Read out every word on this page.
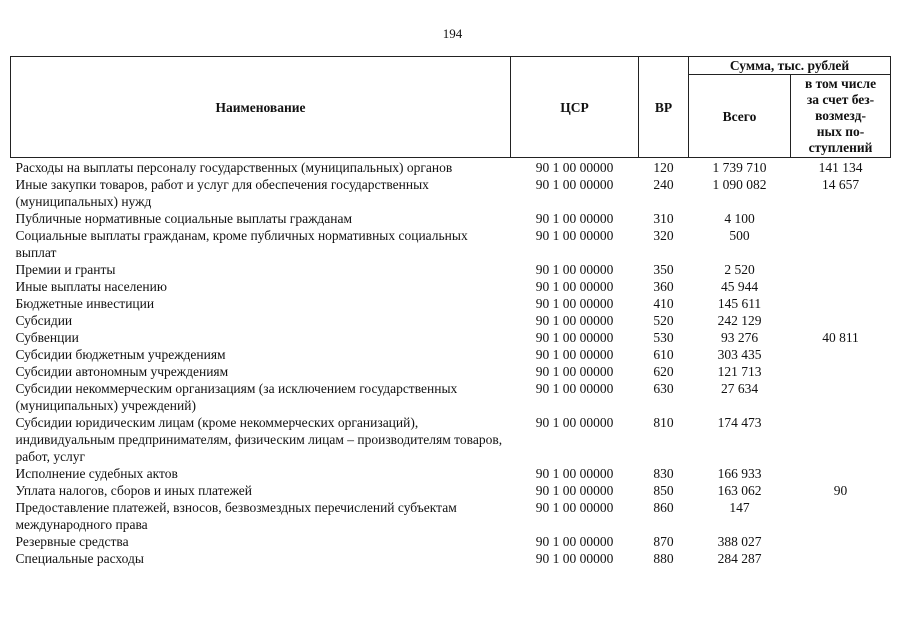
194
Наименование	ЦСР	ВР	Сумма, тыс. рублей	
			Всего	в том числе
за счет без-
возмезд-
ных по-
ступлений
Расходы на выплаты персоналу государственных (муниципальных) органов	90 1 00 00000	120	1 739 710	141 134
Иные закупки товаров, работ и услуг для обеспечения государственных (муниципальных) нужд	90 1 00 00000	240	1 090 082	14 657
Публичные нормативные социальные выплаты гражданам	90 1 00 00000	310	4 100	
Социальные выплаты гражданам, кроме публичных нормативных социальных выплат	90 1 00 00000	320	500	
Премии и гранты	90 1 00 00000	350	2 520	
Иные выплаты населению	90 1 00 00000	360	45 944	
Бюджетные инвестиции	90 1 00 00000	410	145 611	
Субсидии	90 1 00 00000	520	242 129	
Субвенции	90 1 00 00000	530	93 276	40 811
Субсидии бюджетным учреждениям	90 1 00 00000	610	303 435	
Субсидии автономным учреждениям	90 1 00 00000	620	121 713	
Субсидии некоммерческим организациям (за исключением государственных (муниципальных) учреждений)	90 1 00 00000	630	27 634	
Субсидии юридическим лицам (кроме некоммерческих организаций), индивидуальным предпринимателям, физическим лицам – производителям товаров, работ, услуг	90 1 00 00000	810	174 473	
Исполнение судебных актов	90 1 00 00000	830	166 933	
Уплата налогов, сборов и иных платежей	90 1 00 00000	850	163 062	90
Предоставление платежей, взносов, безвозмездных перечислений субъектам международного права	90 1 00 00000	860	147	
Резервные средства	90 1 00 00000	870	388 027	
Специальные расходы	90 1 00 00000	880	284 287	
